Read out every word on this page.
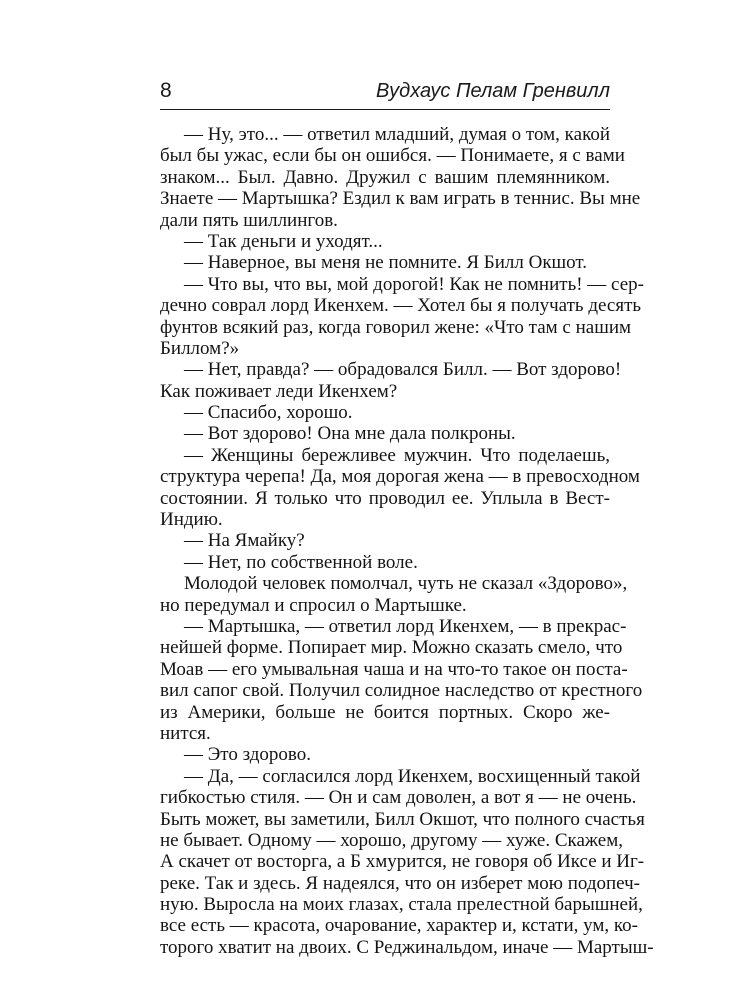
8	Вудхаус Пелам Гренвилл
— Ну, это... — ответил младший, думая о том, какой
был бы ужас, если бы он ошибся. — Понимаете, я с вами
знаком... Был. Давно. Дружил с вашим племянником.
Знаете — Мартышка? Ездил к вам играть в теннис. Вы мне
дали пять шиллингов.
— Так деньги и уходят...
— Наверное, вы меня не помните. Я Билл Окшот.
— Что вы, что вы, мой дорогой! Как не помнить! — сер-
дечно соврал лорд Икенхем. — Хотел бы я получать десять
фунтов всякий раз, когда говорил жене: «Что там с нашим
Биллом?»
— Нет, правда? — обрадовался Билл. — Вот здорово!
Как поживает леди Икенхем?
— Спасибо, хорошо.
— Вот здорово! Она мне дала полкроны.
— Женщины бережливее мужчин. Что поделаешь,
структура черепа! Да, моя дорогая жена — в превосходном
состоянии. Я только что проводил ее. Уплыла в Вест-
Индию.
— На Ямайку?
— Нет, по собственной воле.
Молодой человек помолчал, чуть не сказал «Здорово»,
но передумал и спросил о Мартышке.
— Мартышка, — ответил лорд Икенхем, — в прекрас-
нейшей форме. Попирает мир. Можно сказать смело, что
Моав — его умывальная чаша и на что-то такое он поста-
вил сапог свой. Получил солидное наследство от крестного
из Америки, больше не боится портных. Скоро же-
нится.
— Это здорово.
— Да, — согласился лорд Икенхем, восхищенный такой
гибкостью стиля. — Он и сам доволен, а вот я — не очень.
Быть может, вы заметили, Билл Окшот, что полного счастья
не бывает. Одному — хорошо, другому — хуже. Скажем,
А скачет от восторга, а Б хмурится, не говоря об Иксе и Иг-
реке. Так и здесь. Я надеялся, что он изберет мою подопеч-
ную. Выросла на моих глазах, стала прелестной барышней,
все есть — красота, очарование, характер и, кстати, ум, ко-
торого хватит на двоих. С Реджинальдом, иначе — Мартыш-
